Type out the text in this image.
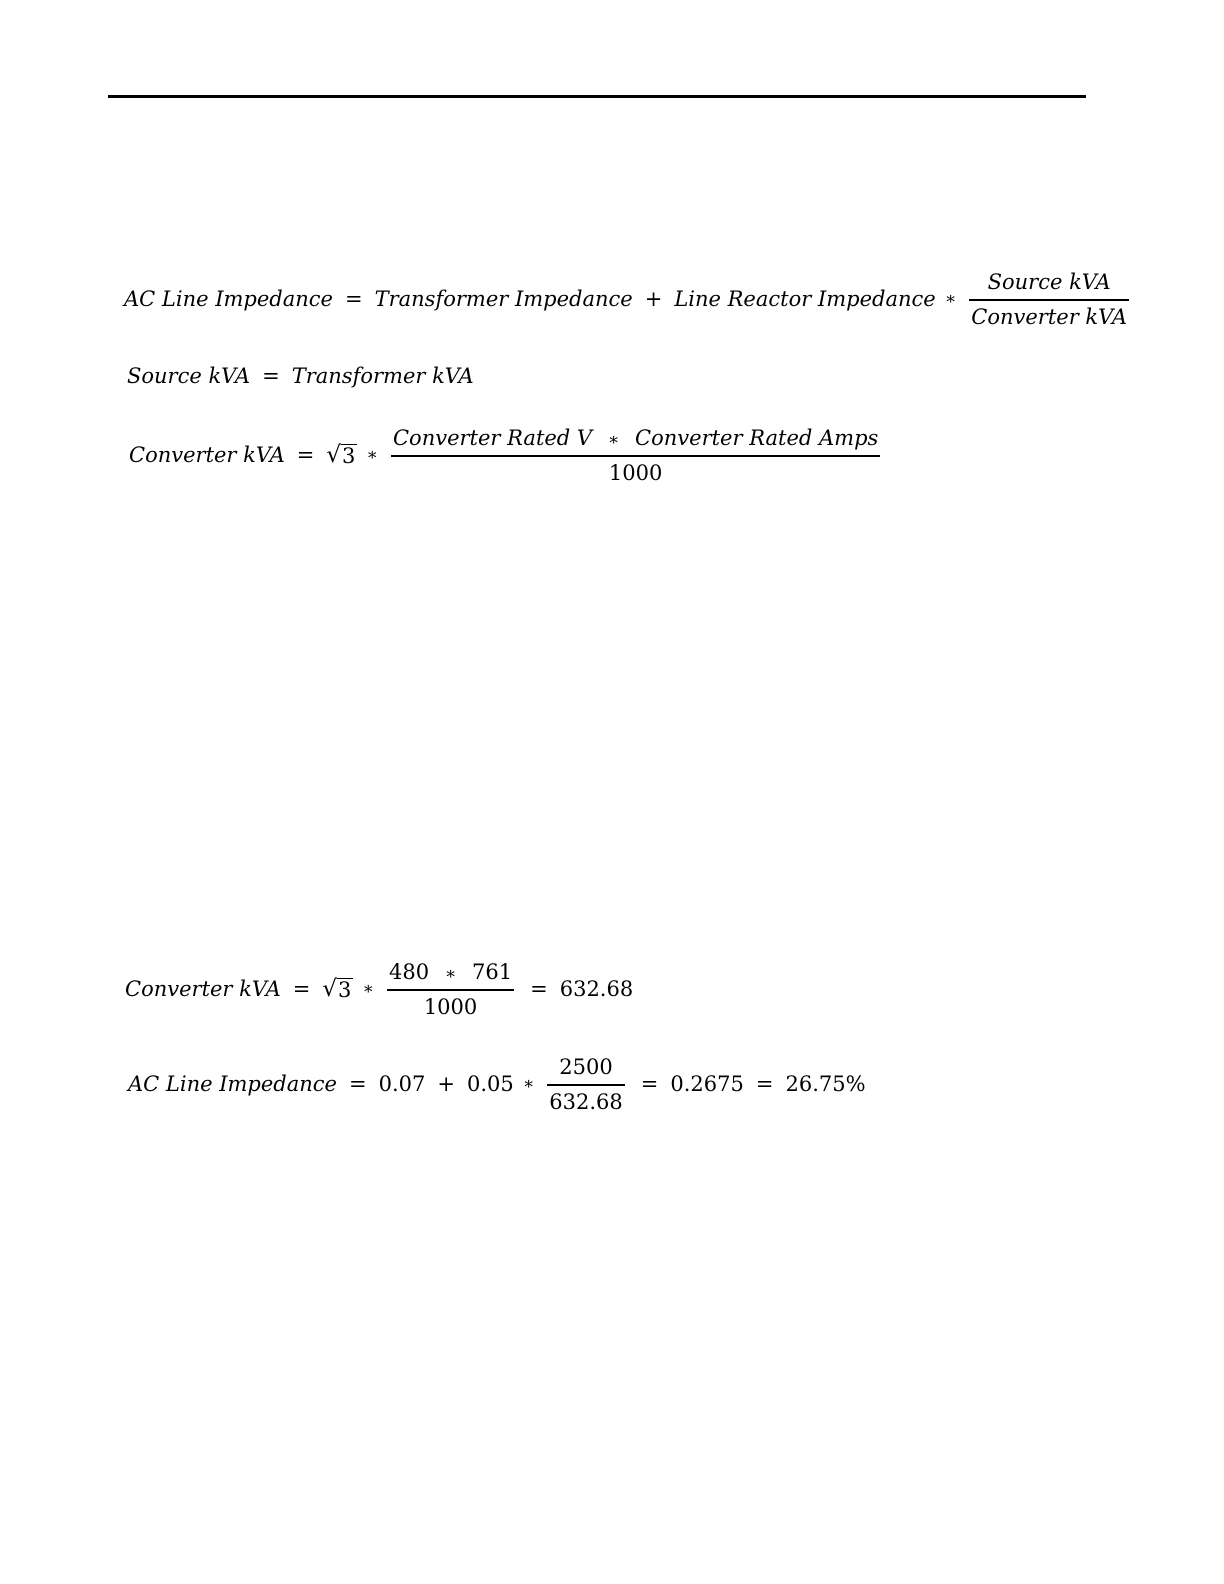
AC Line Impedance = Transformer Impedance + Line Reactor Impedance ∗ $\frac{\text{Source kVA}}{\text{Converter kVA}}$
Source kVA = Transformer kVA
Converter kVA = √ 3 ∗ $\frac{\text{Converter Rated V ∗ Converter Rated Amps}}{1000}$
Converter kVA = √ 3 ∗ $\frac{480 ∗ 761}{1000} = 632.68$
AC Line Impedance = 0.07 + 0.05 ∗ $\frac{2500}{632.68} = 0.2675 = 26.75\%$
